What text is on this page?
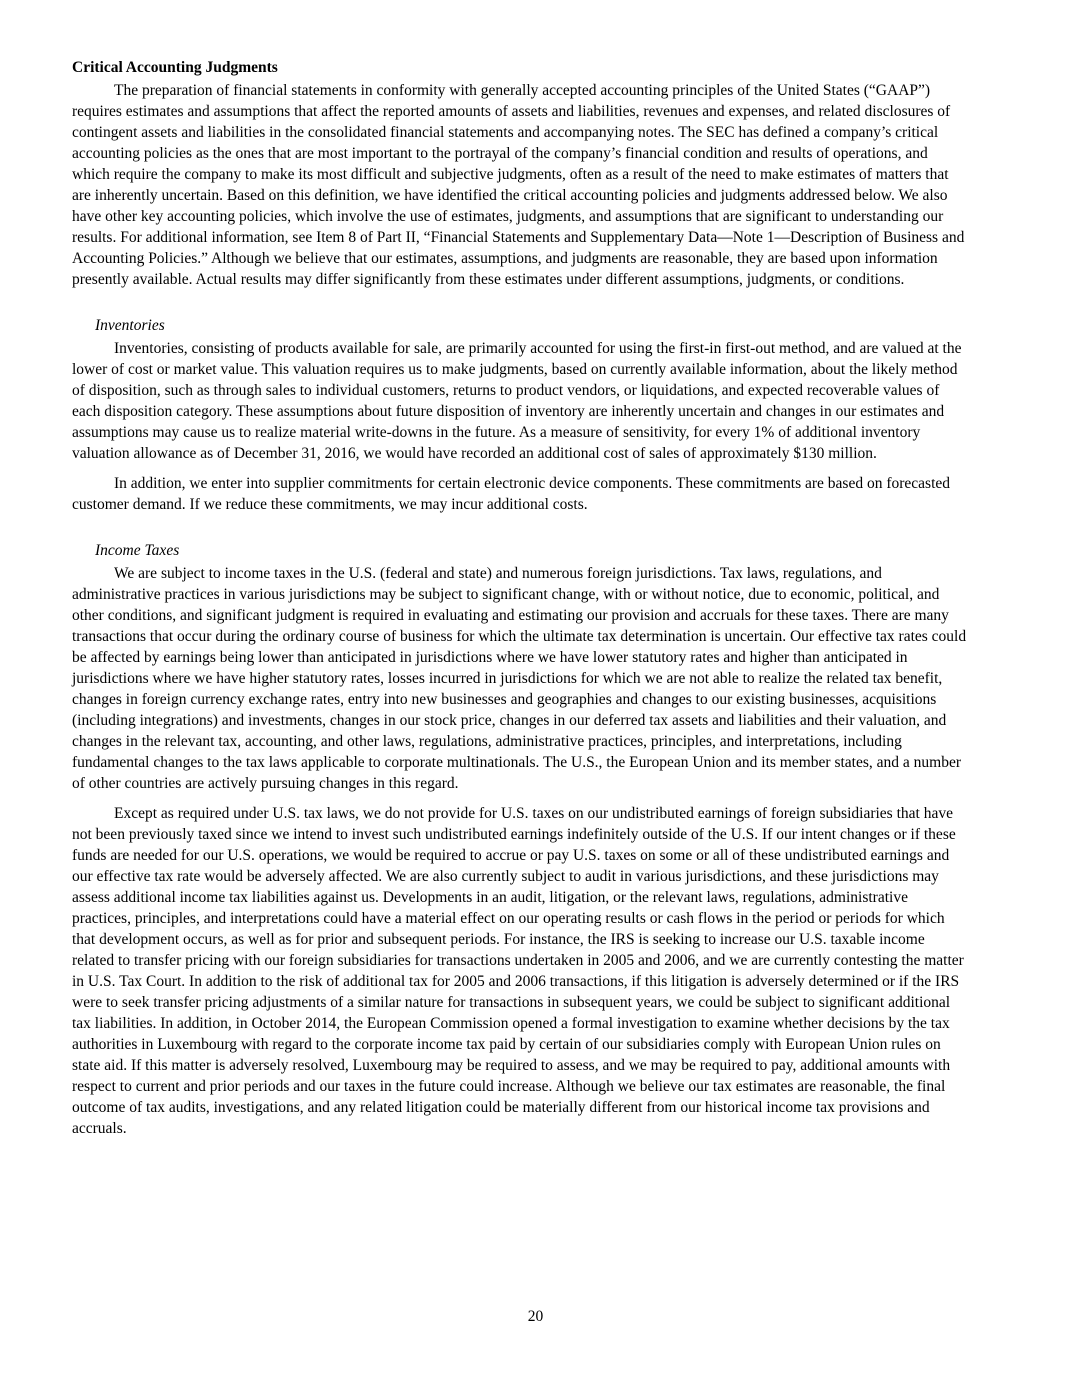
Critical Accounting Judgments

The preparation of financial statements in conformity with generally accepted accounting principles of the United States (“GAAP”) requires estimates and assumptions that affect the reported amounts of assets and liabilities, revenues and expenses, and related disclosures of contingent assets and liabilities in the consolidated financial statements and accompanying notes. The SEC has defined a company’s critical accounting policies as the ones that are most important to the portrayal of the company’s financial condition and results of operations, and which require the company to make its most difficult and subjective judgments, often as a result of the need to make estimates of matters that are inherently uncertain. Based on this definition, we have identified the critical accounting policies and judgments addressed below. We also have other key accounting policies, which involve the use of estimates, judgments, and assumptions that are significant to understanding our results. For additional information, see Item 8 of Part II, “Financial Statements and Supplementary Data—Note 1—Description of Business and Accounting Policies.” Although we believe that our estimates, assumptions, and judgments are reasonable, they are based upon information presently available. Actual results may differ significantly from these estimates under different assumptions, judgments, or conditions.

Inventories

Inventories, consisting of products available for sale, are primarily accounted for using the first-in first-out method, and are valued at the lower of cost or market value. This valuation requires us to make judgments, based on currently available information, about the likely method of disposition, such as through sales to individual customers, returns to product vendors, or liquidations, and expected recoverable values of each disposition category. These assumptions about future disposition of inventory are inherently uncertain and changes in our estimates and assumptions may cause us to realize material write-downs in the future. As a measure of sensitivity, for every 1% of additional inventory valuation allowance as of December 31, 2016, we would have recorded an additional cost of sales of approximately $130 million.

In addition, we enter into supplier commitments for certain electronic device components. These commitments are based on forecasted customer demand. If we reduce these commitments, we may incur additional costs.

Income Taxes

We are subject to income taxes in the U.S. (federal and state) and numerous foreign jurisdictions. Tax laws, regulations, and administrative practices in various jurisdictions may be subject to significant change, with or without notice, due to economic, political, and other conditions, and significant judgment is required in evaluating and estimating our provision and accruals for these taxes. There are many transactions that occur during the ordinary course of business for which the ultimate tax determination is uncertain. Our effective tax rates could be affected by earnings being lower than anticipated in jurisdictions where we have lower statutory rates and higher than anticipated in jurisdictions where we have higher statutory rates, losses incurred in jurisdictions for which we are not able to realize the related tax benefit, changes in foreign currency exchange rates, entry into new businesses and geographies and changes to our existing businesses, acquisitions (including integrations) and investments, changes in our stock price, changes in our deferred tax assets and liabilities and their valuation, and changes in the relevant tax, accounting, and other laws, regulations, administrative practices, principles, and interpretations, including fundamental changes to the tax laws applicable to corporate multinationals. The U.S., the European Union and its member states, and a number of other countries are actively pursuing changes in this regard.

Except as required under U.S. tax laws, we do not provide for U.S. taxes on our undistributed earnings of foreign subsidiaries that have not been previously taxed since we intend to invest such undistributed earnings indefinitely outside of the U.S. If our intent changes or if these funds are needed for our U.S. operations, we would be required to accrue or pay U.S. taxes on some or all of these undistributed earnings and our effective tax rate would be adversely affected. We are also currently subject to audit in various jurisdictions, and these jurisdictions may assess additional income tax liabilities against us. Developments in an audit, litigation, or the relevant laws, regulations, administrative practices, principles, and interpretations could have a material effect on our operating results or cash flows in the period or periods for which that development occurs, as well as for prior and subsequent periods. For instance, the IRS is seeking to increase our U.S. taxable income related to transfer pricing with our foreign subsidiaries for transactions undertaken in 2005 and 2006, and we are currently contesting the matter in U.S. Tax Court. In addition to the risk of additional tax for 2005 and 2006 transactions, if this litigation is adversely determined or if the IRS were to seek transfer pricing adjustments of a similar nature for transactions in subsequent years, we could be subject to significant additional tax liabilities. In addition, in October 2014, the European Commission opened a formal investigation to examine whether decisions by the tax authorities in Luxembourg with regard to the corporate income tax paid by certain of our subsidiaries comply with European Union rules on state aid. If this matter is adversely resolved, Luxembourg may be required to assess, and we may be required to pay, additional amounts with respect to current and prior periods and our taxes in the future could increase. Although we believe our tax estimates are reasonable, the final outcome of tax audits, investigations, and any related litigation could be materially different from our historical income tax provisions and accruals.

20
